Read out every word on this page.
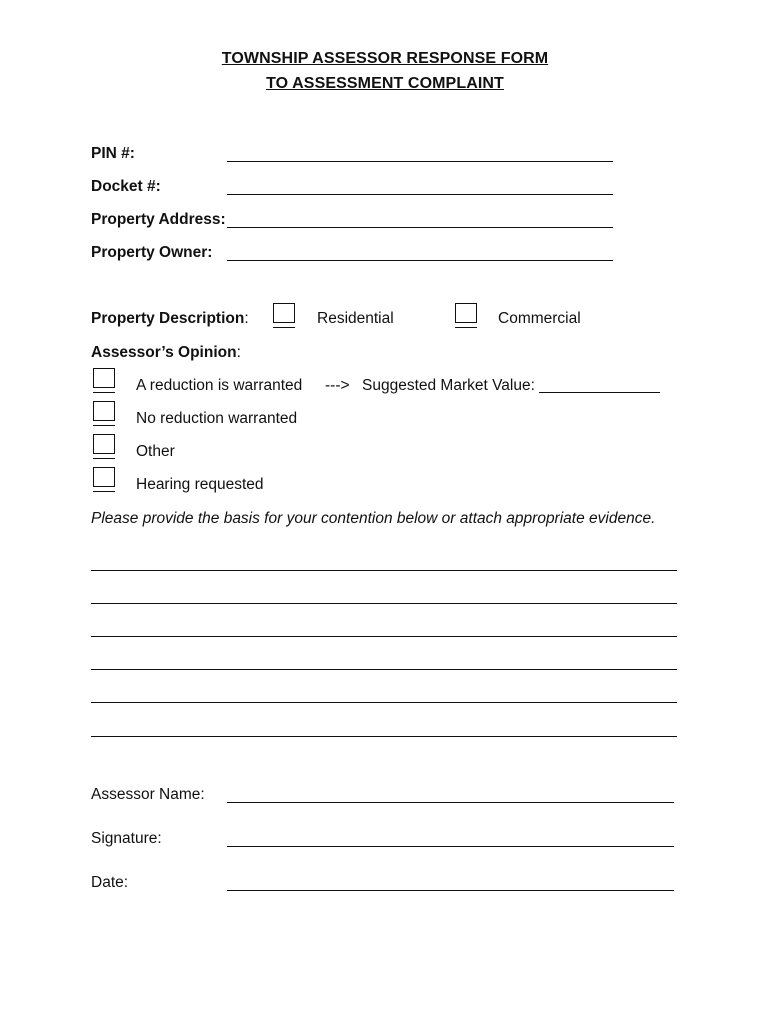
TOWNSHIP ASSESSOR RESPONSE FORM
TO ASSESSMENT COMPLAINT
PIN #:
Docket #:
Property Address:
Property Owner:
Property Description:	Residential	Commercial
Assessor’s Opinion:
A reduction is warranted ---> Suggested Market Value: ______________
No reduction warranted
Other
Hearing requested
Please provide the basis for your contention below or attach appropriate evidence.
Assessor Name:
Signature:
Date:
